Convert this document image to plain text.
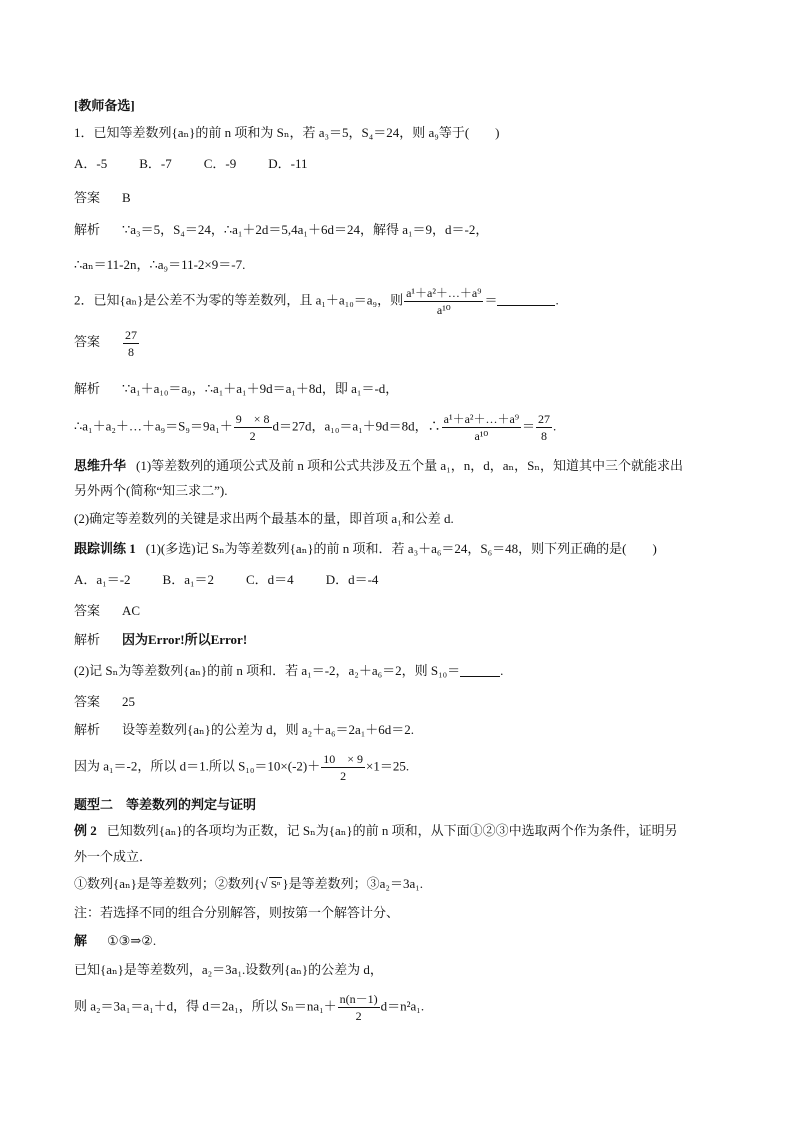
[教师备选]
1．已知等差数列{aₙ}的前 n 项和为 Sₙ，若 a₃＝5，S₄＝24，则 a₉等于(　　)
A．-5 B．-7 C．-9 D．-11
答案 B
解析 ∵a₃＝5，S₄＝24，∴a₁＋2d＝5,4a₁＋6d＝24，解得 a₁＝9，d＝-2，
∴aₙ＝11-2n，∴a₉＝11-2×9＝-7.
2．已知{aₙ}是公差不为零的等差数列，且 a₁＋a₁₀＝a₉，则 $\frac{\text{a¹＋a²＋…＋a⁹}}{\text{a¹⁰}}$ ＝	.
答案 $\frac{27}{8}$
解析 ∵a₁＋a₁₀＝a₉，∴a₁＋a₁＋9d＝a₁＋8d，即 a₁＝-d，
∴a₁＋a₂＋…＋a₉＝S₉＝9a₁＋ $\frac{9 \times 8}{2} d=27d$，a₁₀＝a₁＋9d＝8d，∴ $\frac{\text{a¹＋a²＋…＋a⁹}}{\text{a¹⁰}} = \frac{27}{8}$ .
思维升华 (1)等差数列的通项公式及前 n 项和公式共涉及五个量 a₁，n，d，aₙ，Sₙ，知道其中三个就能求出
另外两个(简称“知三求二”).
(2)确定等差数列的关键是求出两个最基本的量，即首项 a₁和公差 d.
跟踪训练 1 (1)(多选)记 Sₙ为等差数列{aₙ}的前 n 项和．若 a₃＋a₆＝24，S₆＝48，则下列正确的是(　　)
A．a₁＝-2 B．a₁＝2 C．d＝4 D．d＝-4
答案 AC
解析 因为Error!所以Error!
(2)记 Sₙ为等差数列{aₙ}的前 n 项和．若 a₁＝-2，a₂＋a₆＝2，则 S₁₀＝	.
答案 25
解析 设等差数列{aₙ}的公差为 d，则 a₂＋a₆＝2a₁＋6d＝2.
因为 a₁＝-2，所以 d＝1.所以 $S_{10}=10\times(-2)+ \frac{10 \times 9}{2} \times 1=25$.
题型二　等差数列的判定与证明
例 2 已知数列{aₙ}的各项均为正数，记 Sₙ为{aₙ}的前 n 项和，从下面①②③中选取两个作为条件，证明另
外一个成立．
①数列{aₙ}是等差数列；②数列{√ Sⁿ }是等差数列；③a₂＝3a₁.
注：若选择不同的组合分别解答，则按第一个解答计分、
解 ①③⇒②.
已知{aₙ}是等差数列，a₂＝3a₁.设数列{aₙ}的公差为 d，
则 a₂＝3a₁＝a₁＋d，得 d＝2a₁，所以 $S_n=na_1+ \frac{n(n-1)}{2} d=n^2a_1$.
